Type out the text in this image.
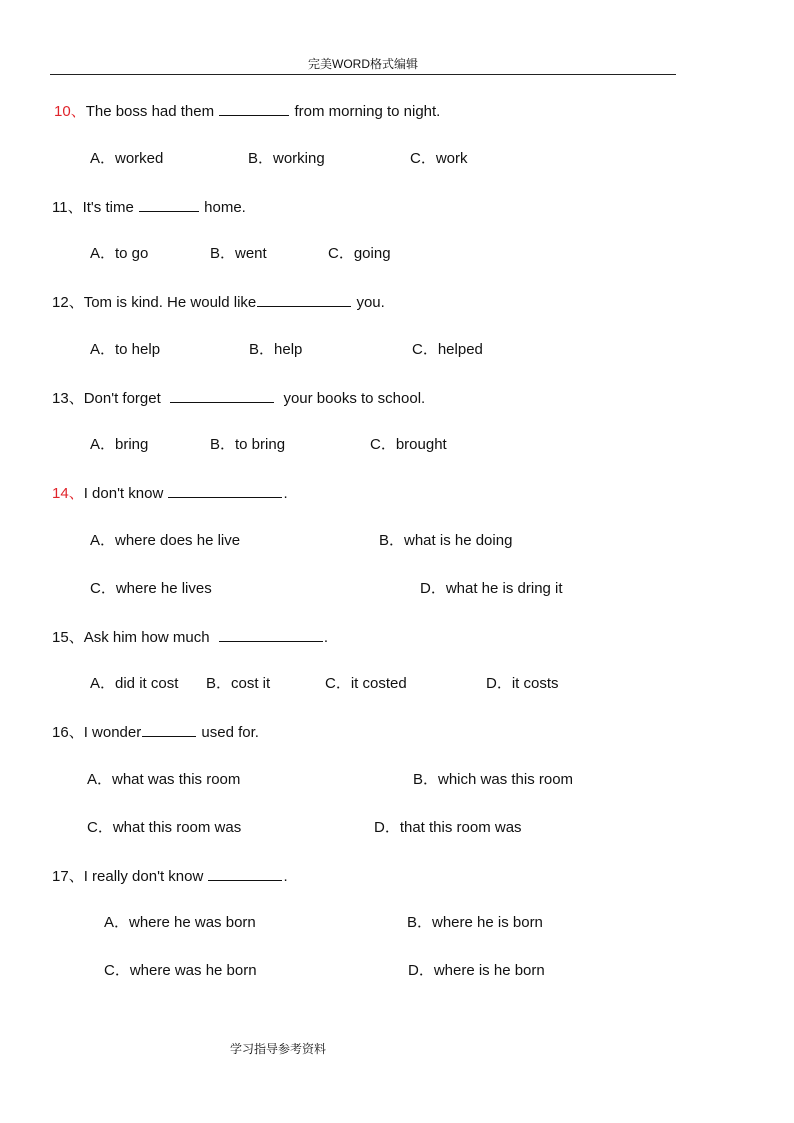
完美WORD格式编辑
10、The boss had them	from morning to night.
A．worked	B．working	C．work
11、It's time	home.
A．to go	B．went	C．going
12、Tom is kind. He would like	you.
A．to help	B．help	C．helped
13、Don't forget	your books to school.
A．bring	B．to bring	C．brought
14、I don't know	.
A．where does he live	B．what is he doing
C．where he lives	D．what he is dring it
15、Ask him how much	.
A．did it cost B．cost it	C．it costed	D．it costs
16、I wonder	used for.
A．what was this room	B．which was this room
C．what this room was	D．that this room was
17、I really don't know	.
A．where he was born	B．where he is born
C．where was he born	D．where is he born
学习指导参考资料
